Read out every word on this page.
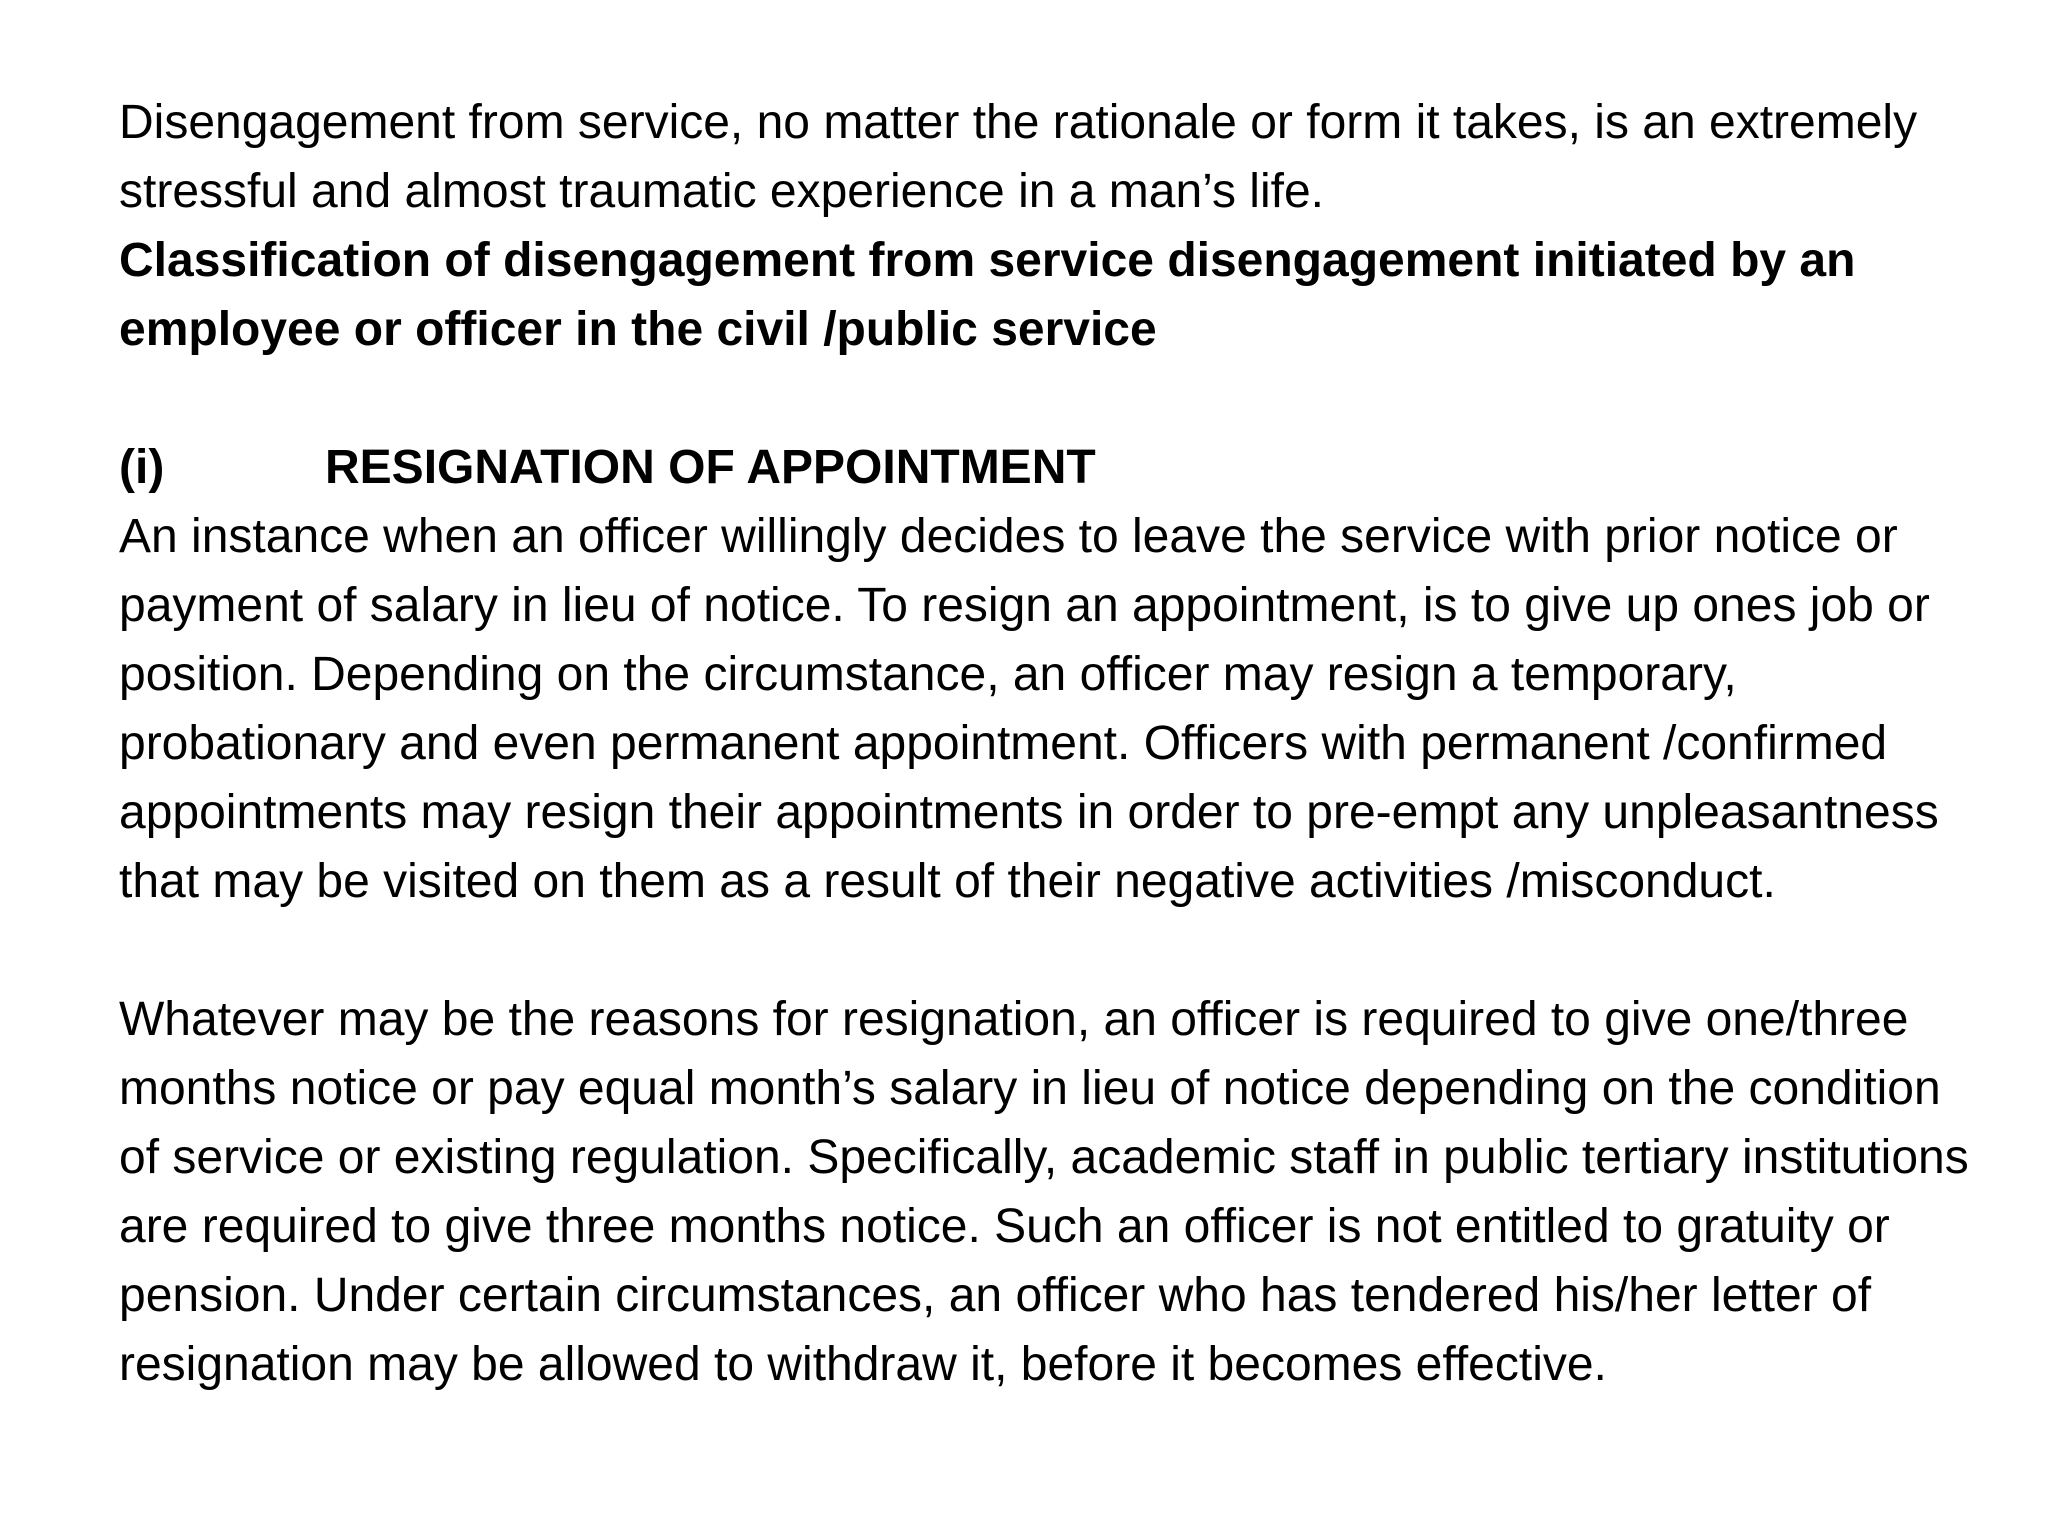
Disengagement from service, no matter the rationale or form it takes, is an extremely stressful and almost traumatic experience in a man’s life.

Classification of disengagement from service disengagement initiated by an employee or officer in the civil /public service

(i)	RESIGNATION OF APPOINTMENT

An instance when an officer willingly decides to leave the service with prior notice or payment of salary in lieu of notice. To resign an appointment, is to give up ones job or position. Depending on the circumstance, an officer may resign a temporary, probationary and even permanent appointment. Officers with permanent /confirmed appointments may resign their appointments in order to pre-empt any unpleasantness that may be visited on them as a result of their negative activities /misconduct.

Whatever may be the reasons for resignation, an officer is required to give one/three months notice or pay equal month’s salary in lieu of notice depending on the condition of service or existing regulation. Specifically, academic staff in public tertiary institutions are required to give three months notice. Such an officer is not entitled to gratuity or pension. Under certain circumstances, an officer who has tendered his/her letter of resignation may be allowed to withdraw it, before it becomes effective.
